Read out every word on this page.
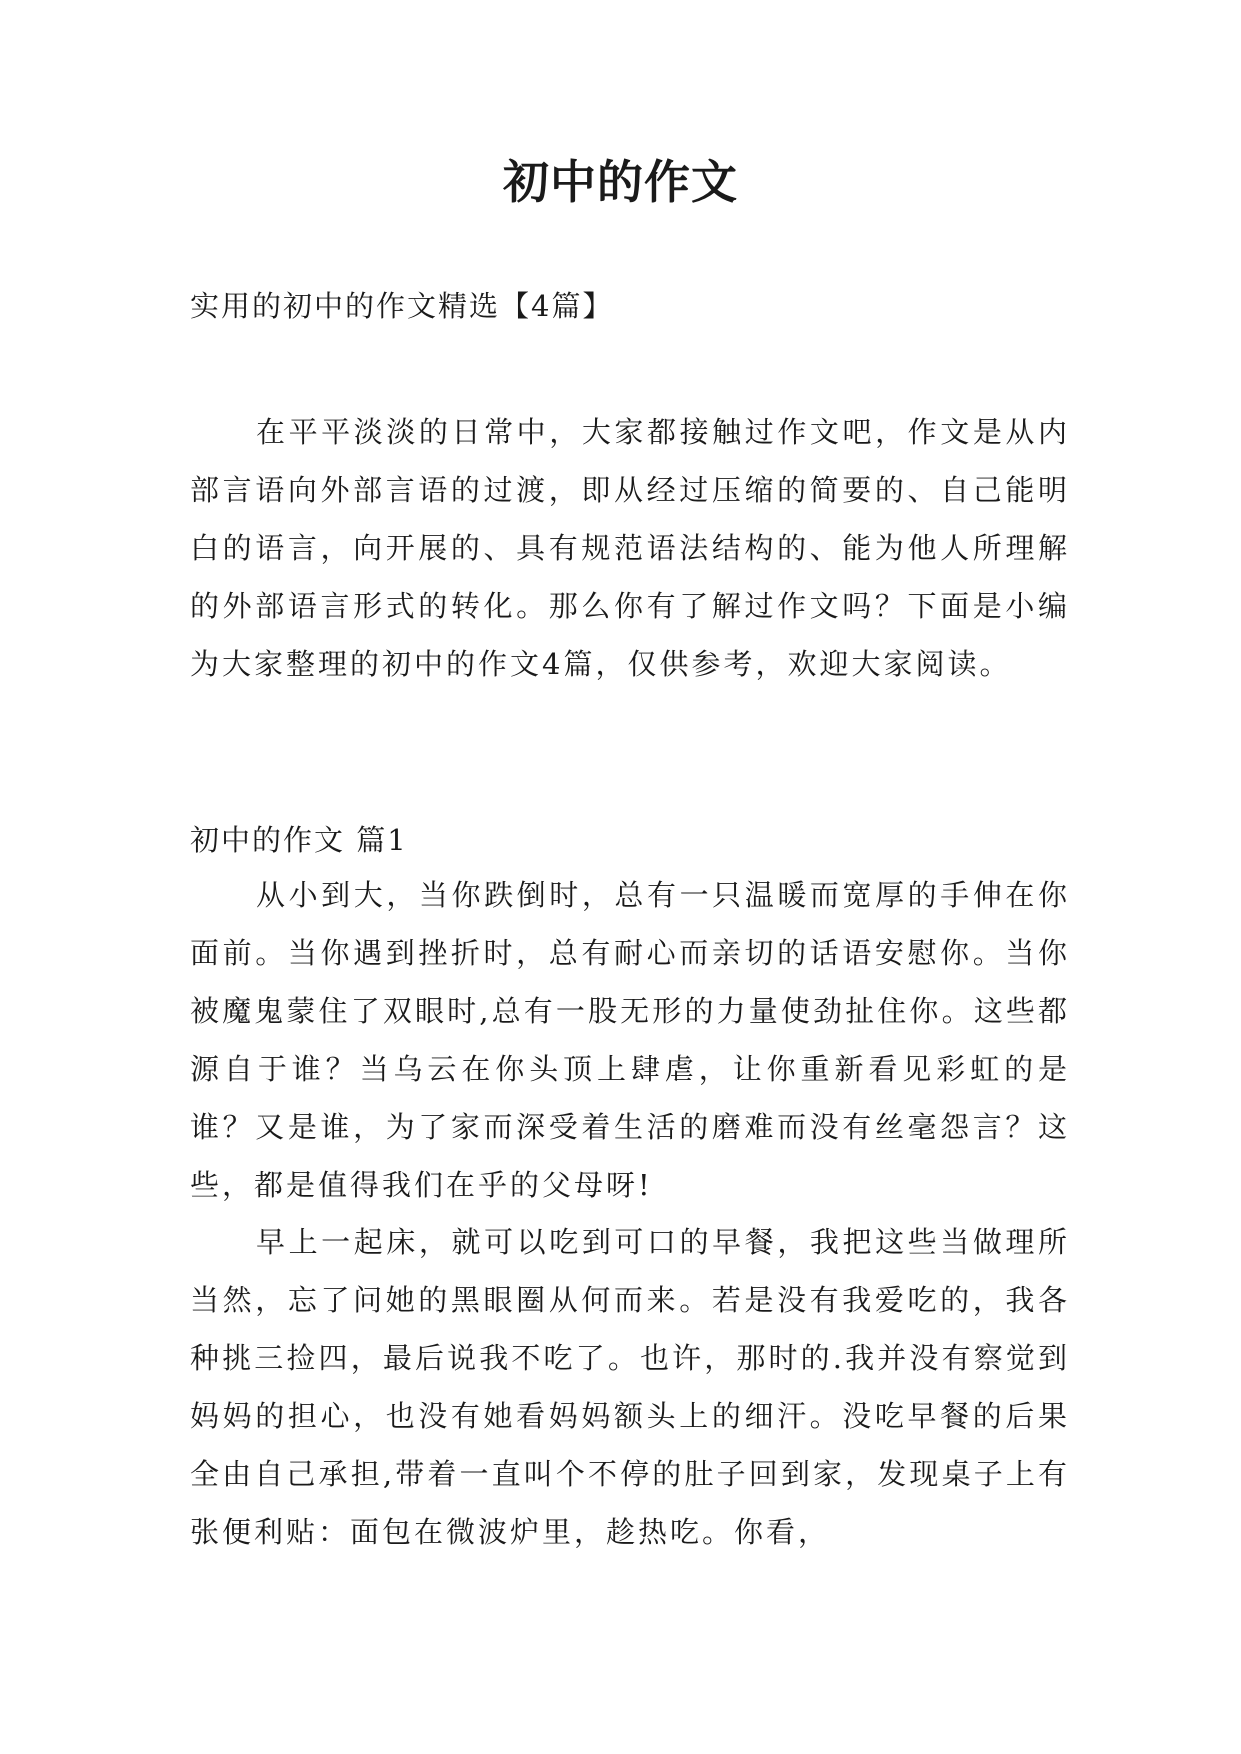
初中的作文
实用的初中的作文精选【4篇】

在平平淡淡的日常中，大家都接触过作文吧，作文是从内部言语向外部言语的过渡，即从经过压缩的简要的、自己能明白的语言，向开展的、具有规范语法结构的、能为他人所理解的外部语言形式的转化。那么你有了解过作文吗？下面是小编为大家整理的初中的作文4篇，仅供参考，欢迎大家阅读。

初中的作文 篇1

从小到大，当你跌倒时，总有一只温暖而宽厚的手伸在你面前。当你遇到挫折时，总有耐心而亲切的话语安慰你。当你被魔鬼蒙住了双眼时,总有一股无形的力量使劲扯住你。这些都源自于谁？当乌云在你头顶上肆虐，让你重新看见彩虹的是谁？又是谁，为了家而深受着生活的磨难而没有丝毫怨言？这些，都是值得我们在乎的父母呀!

早上一起床，就可以吃到可口的早餐，我把这些当做理所当然，忘了问她的黑眼圈从何而来。若是没有我爱吃的，我各种挑三捡四，最后说我不吃了。也许，那时的.我并没有察觉到妈妈的担心，也没有她看妈妈额头上的细汗。没吃早餐的后果全由自己承担,带着一直叫个不停的肚子回到家，发现桌子上有张便利贴：面包在微波炉里，趁热吃。你看，
